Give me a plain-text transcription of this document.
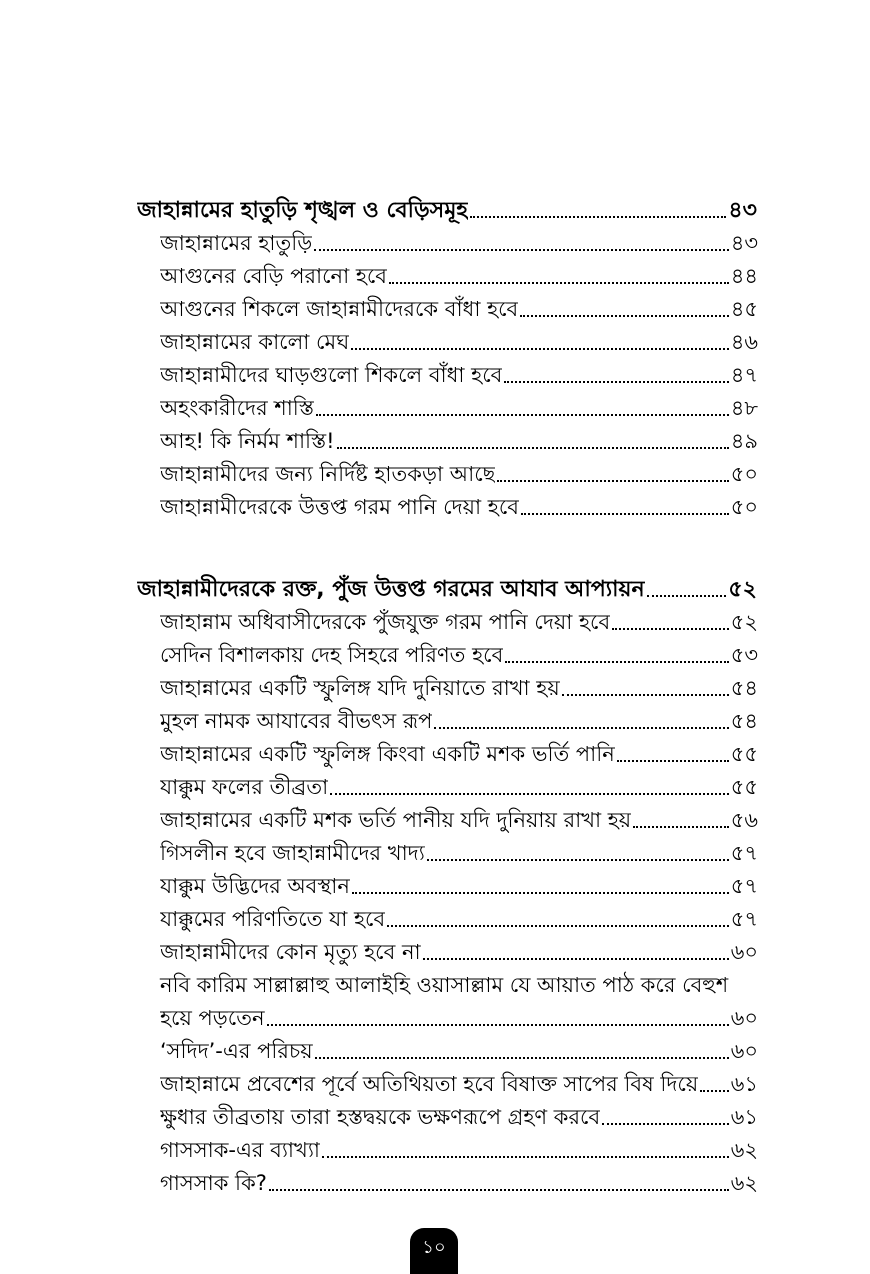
জাহান্নামের হাতুড়ি শৃঙ্খল ও বেড়িসমূহ	৪৩
জাহান্নামের হাতুড়ি	৪৩
আগুনের বেড়ি পরানো হবে	৪৪
আগুনের শিকলে জাহান্নামীদেরকে বাঁধা হবে	৪৫
জাহান্নামের কালো মেঘ	৪৬
জাহান্নামীদের ঘাড়গুলো শিকলে বাঁধা হবে	৪৭
অহংকারীদের শাস্তি	৪৮
আহ! কি নির্মম শাস্তি!	৪৯
জাহান্নামীদের জন্য নির্দিষ্ট হাতকড়া আছে	৫০
জাহান্নামীদেরকে উত্তপ্ত গরম পানি দেয়া হবে	৫০
জাহান্নামীদেরকে রক্ত, পুঁজ উত্তপ্ত গরমের আযাব আপ্যায়ন	৫২
জাহান্নাম অধিবাসীদেরকে পুঁজযুক্ত গরম পানি দেয়া হবে	৫২
সেদিন বিশালকায় দেহ সিহরে পরিণত হবে	৫৩
জাহান্নামের একটি স্ফুলিঙ্গ যদি দুনিয়াতে রাখা হয়	৫৪
মুহল নামক আযাবের বীভৎস রূপ	৫৪
জাহান্নামের একটি স্ফুলিঙ্গ কিংবা একটি মশক ভর্তি পানি	৫৫
যাক্কুম ফলের তীব্রতা	৫৫
জাহান্নামের একটি মশক ভর্তি পানীয় যদি দুনিয়ায় রাখা হয়	৫৬
গিসলীন হবে জাহান্নামীদের খাদ্য	৫৭
যাক্কুম উদ্ভিদের অবস্থান	৫৭
যাক্কুমের পরিণতিতে যা হবে	৫৭
জাহান্নামীদের কোন মৃত্যু হবে না	৬০
নবি কারিম সাল্লাল্লাহু আলাইহি ওয়াসাল্লাম যে আয়াত পাঠ করে বেহুশ
হয়ে পড়তেন	৬০
‘সদিদ’-এর পরিচয়	৬০
জাহান্নামে প্রবেশের পূর্বে অতিথিয়তা হবে বিষাক্ত সাপের বিষ দিয়ে ৬১
ক্ষুধার তীব্রতায় তারা হস্তদ্বয়কে ভক্ষণরূপে গ্রহণ করবে	৬১
গাসসাক-এর ব্যাখ্যা	৬২
গাসসাক কি?	৬২
১০
